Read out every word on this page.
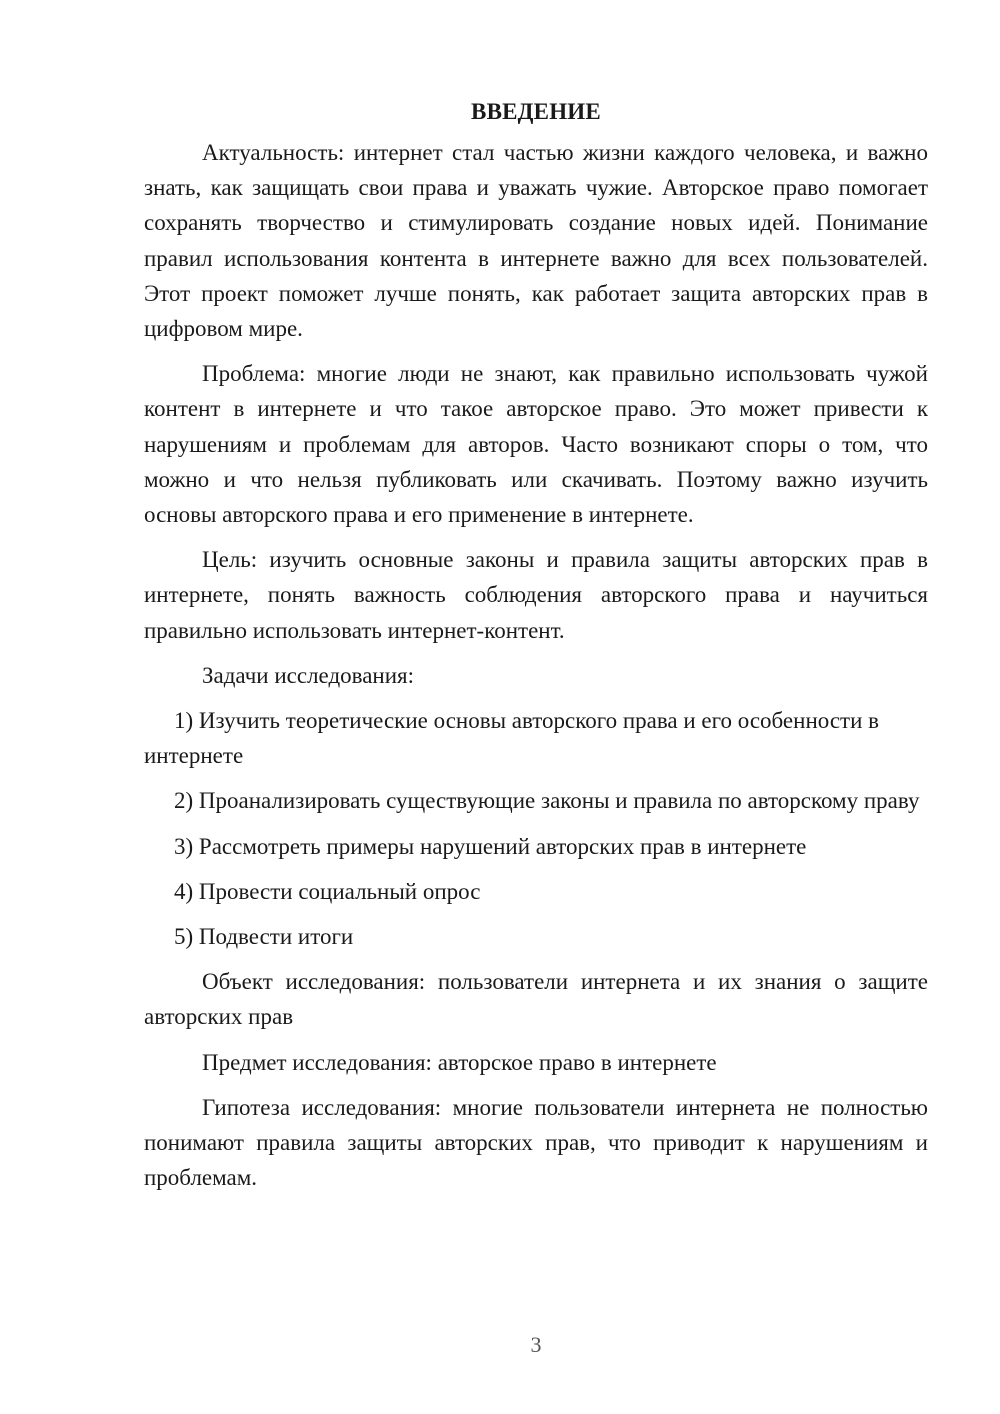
ВВЕДЕНИЕ

Актуальность: интернет стал частью жизни каждого человека, и важно знать, как защищать свои права и уважать чужие. Авторское право помогает сохранять творчество и стимулировать создание новых идей. Понимание правил использования контента в интернете важно для всех пользователей. Этот проект поможет лучше понять, как работает защита авторских прав в цифровом мире.

Проблема: многие люди не знают, как правильно использовать чужой контент в интернете и что такое авторское право. Это может привести к нарушениям и проблемам для авторов. Часто возникают споры о том, что можно и что нельзя публиковать или скачивать. Поэтому важно изучить основы авторского права и его применение в интернете.

Цель: изучить основные законы и правила защиты авторских прав в интернете, понять важность соблюдения авторского права и научиться правильно использовать интернет-контент.

Задачи исследования:

1) Изучить теоретические основы авторского права и его особенности в интернете

2) Проанализировать существующие законы и правила по авторскому праву

3) Рассмотреть примеры нарушений авторских прав в интернете

4) Провести социальный опрос

5) Подвести итоги

Объект исследования: пользователи интернета и их знания о защите авторских прав

Предмет исследования: авторское право в интернете

Гипотеза исследования: многие пользователи интернета не полностью понимают правила защиты авторских прав, что приводит к нарушениям и проблемам.

3
